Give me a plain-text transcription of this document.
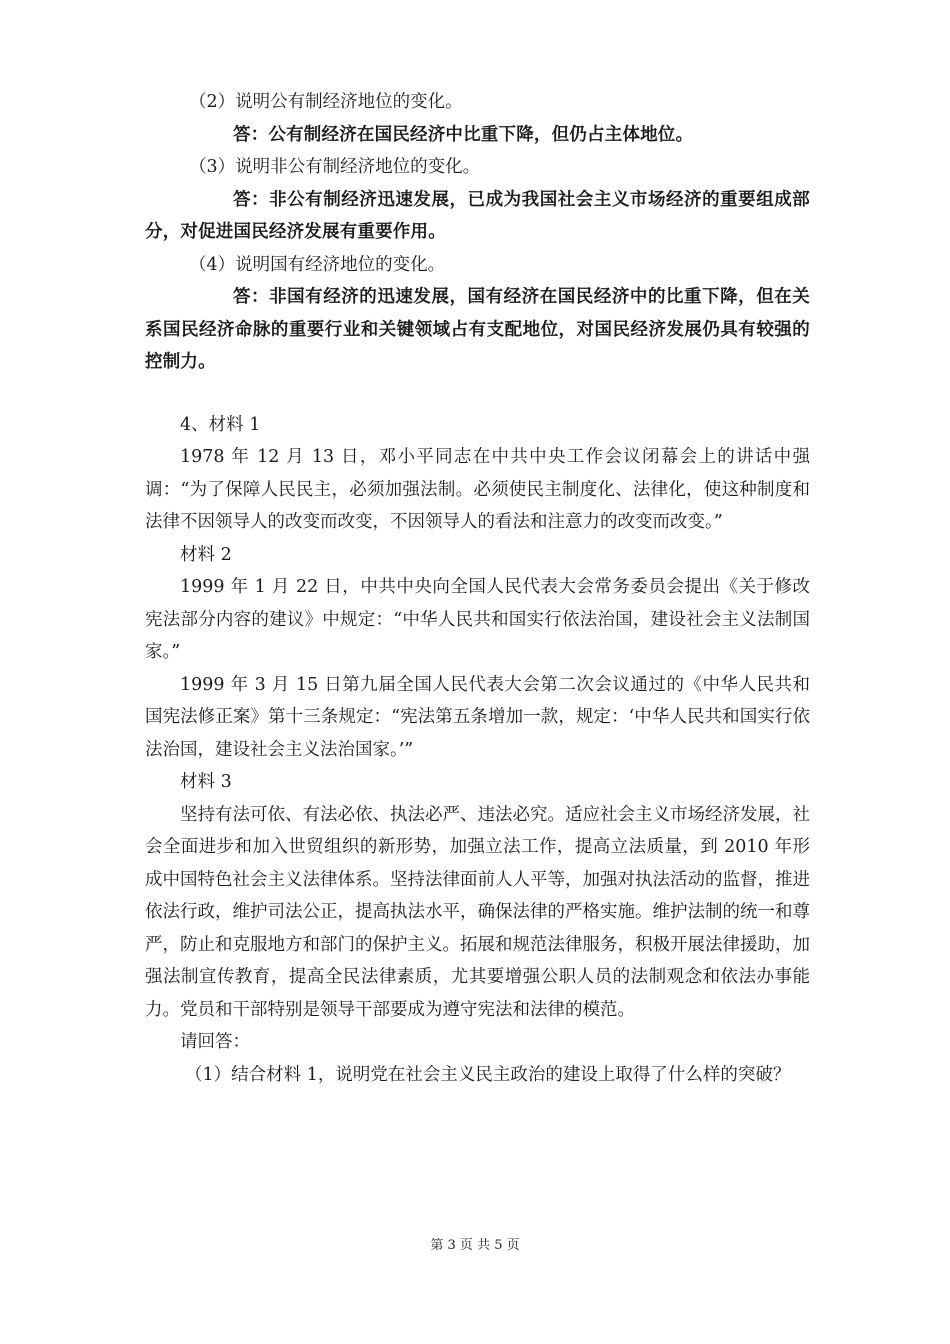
（2）说明公有制经济地位的变化。

答：公有制经济在国民经济中比重下降，但仍占主体地位。

（3）说明非公有制经济地位的变化。

答：非公有制经济迅速发展，已成为我国社会主义市场经济的重要组成部分，对促进国民经济发展有重要作用。

（4）说明国有经济地位的变化。

答：非国有经济的迅速发展，国有经济在国民经济中的比重下降，但在关系国民经济命脉的重要行业和关键领域占有支配地位，对国民经济发展仍具有较强的控制力。

4、材料 1

1978 年 12 月 13 日，邓小平同志在中共中央工作会议闭幕会上的讲话中强调：“为了保障人民民主，必须加强法制。必须使民主制度化、法律化，使这种制度和法律不因领导人的改变而改变，不因领导人的看法和注意力的改变而改变。”

材料 2

1999 年 1 月 22 日，中共中央向全国人民代表大会常务委员会提出《关于修改宪法部分内容的建议》中规定：“中华人民共和国实行依法治国，建设社会主义法制国家。”

1999 年 3 月 15 日第九届全国人民代表大会第二次会议通过的《中华人民共和国宪法修正案》第十三条规定：“宪法第五条增加一款，规定：‘中华人民共和国实行依法治国，建设社会主义法治国家。’”

材料 3

坚持有法可依、有法必依、执法必严、违法必究。适应社会主义市场经济发展，社会全面进步和加入世贸组织的新形势，加强立法工作，提高立法质量，到 2010 年形成中国特色社会主义法律体系。坚持法律面前人人平等，加强对执法活动的监督，推进依法行政，维护司法公正，提高执法水平，确保法律的严格实施。维护法制的统一和尊严，防止和克服地方和部门的保护主义。拓展和规范法律服务，积极开展法律援助，加强法制宣传教育，提高全民法律素质，尤其要增强公职人员的法制观念和依法办事能力。党员和干部特别是领导干部要成为遵守宪法和法律的模范。

请回答：

（1）结合材料 1，说明党在社会主义民主政治的建设上取得了什么样的突破？

第 3 页 共 5 页
